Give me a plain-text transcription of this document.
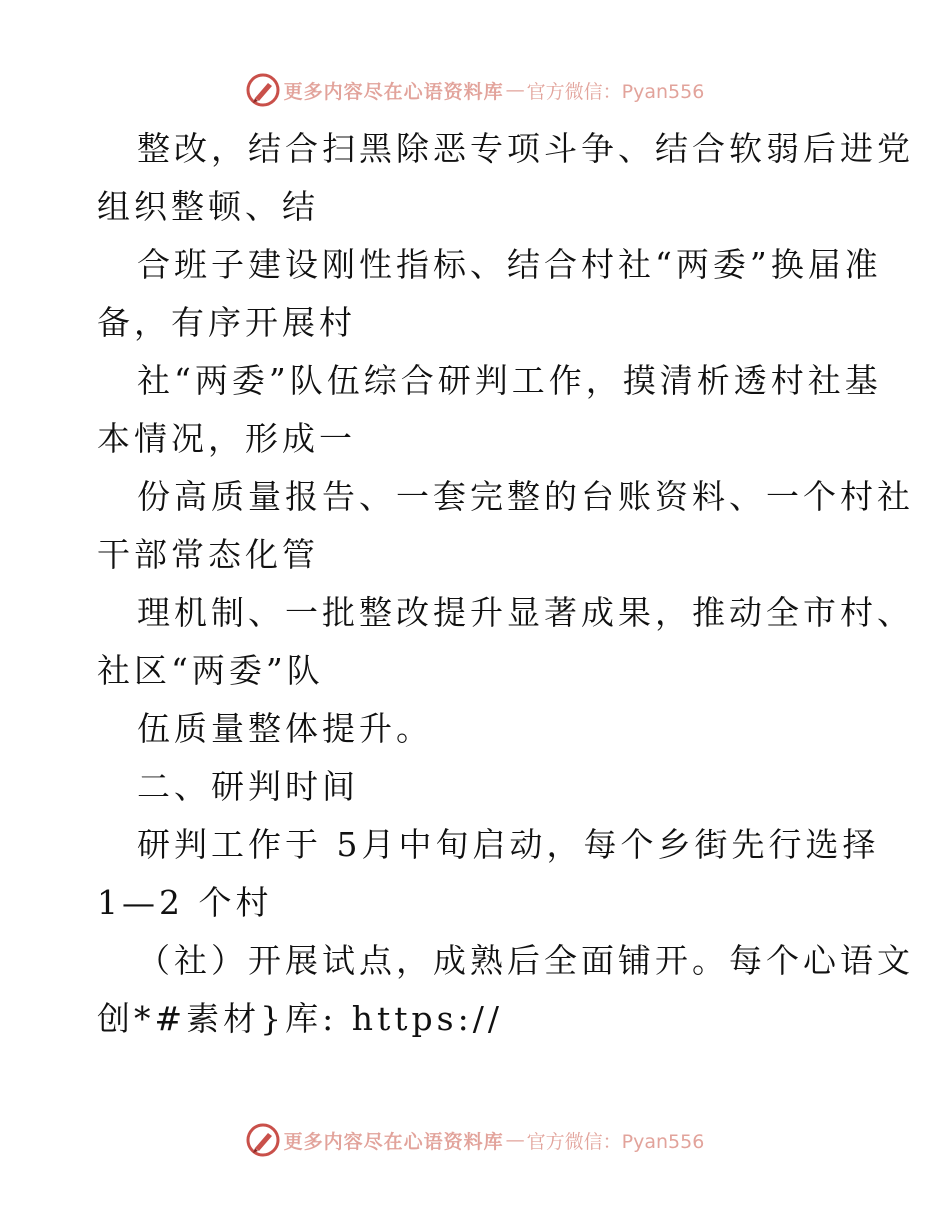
更多内容尽在心语资料库 — 官方微信：Pyan556
整改，结合扫黑除恶专项斗争、结合软弱后进党
组织整顿、结
合班子建设刚性指标、结合村社“两委”换届准
备，有序开展村
社“两委”队伍综合研判工作，摸清析透村社基
本情况，形成一
份高质量报告、一套完整的台账资料、一个村社
干部常态化管
理机制、一批整改提升显著成果，推动全市村、
社区“两委”队
伍质量整体提升。
二、研判时间
研判工作于 5月中旬启动，每个乡街先行选择
1—2 个村
（社）开展试点，成熟后全面铺开。每个心语文
创*#素材}库: https://
更多内容尽在心语资料库 — 官方微信：Pyan556
